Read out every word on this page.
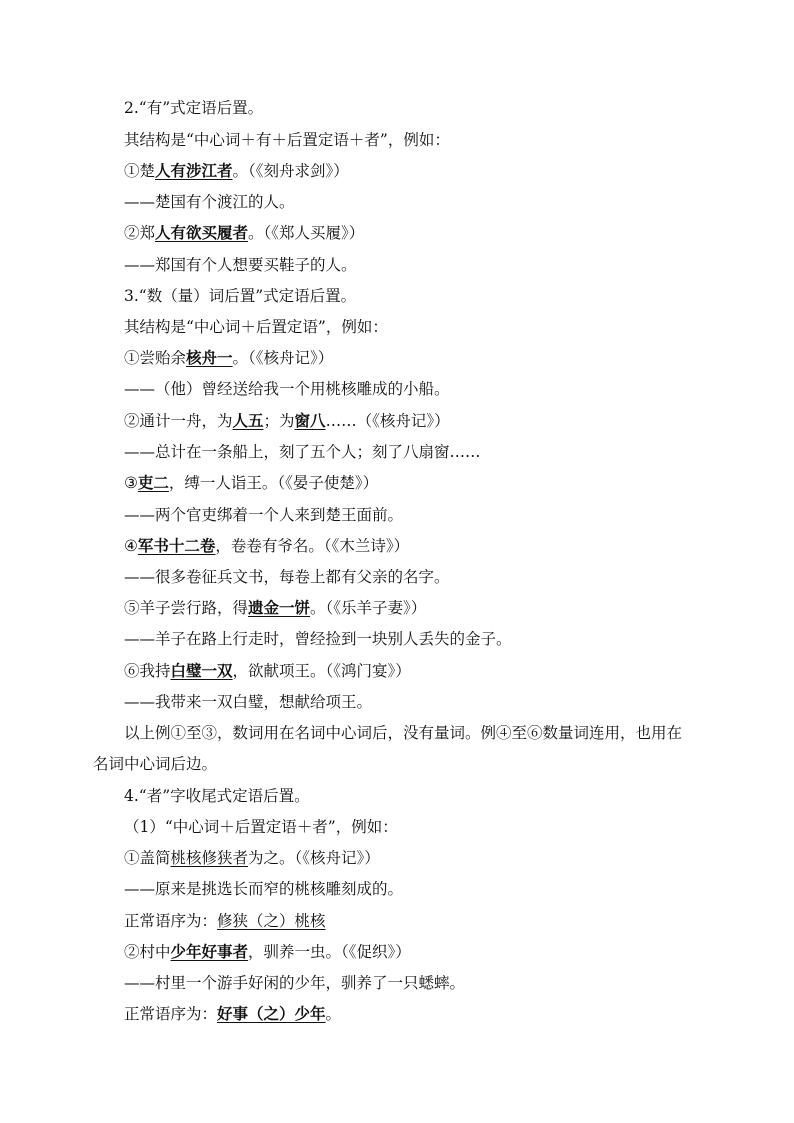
2.“有”式定语后置。
其结构是“中心词＋有＋后置定语＋者”，例如：
①楚人有涉江者。（《刻舟求剑》）
——楚国有个渡江的人。
②郑人有欲买履者。（《郑人买履》）
——郑国有个人想要买鞋子的人。
3.“数（量）词后置”式定语后置。
其结构是“中心词＋后置定语”，例如：
①尝贻余核舟一。（《核舟记》）
——（他）曾经送给我一个用桃核雕成的小船。
②通计一舟，为人五；为窗八……（《核舟记》）
——总计在一条船上，刻了五个人；刻了八扇窗……
③吏二，缚一人诣王。（《晏子使楚》）
——两个官吏绑着一个人来到楚王面前。
④军书十二卷，卷卷有爷名。（《木兰诗》）
——很多卷征兵文书，每卷上都有父亲的名字。
⑤羊子尝行路，得遗金一饼。（《乐羊子妻》）
——羊子在路上行走时，曾经捡到一块别人丢失的金子。
⑥我持白璧一双，欲献项王。（《鸿门宴》）
——我带来一双白璧，想献给项王。
以上例①至③，数词用在名词中心词后，没有量词。例④至⑥数量词连用，也用在
名词中心词后边。
4.“者”字收尾式定语后置。
（1）“中心词＋后置定语＋者”，例如：
①盖简桃核修狭者为之。（《核舟记》）
——原来是挑选长而窄的桃核雕刻成的。
正常语序为：修狭（之）桃核
②村中少年好事者，驯养一虫。（《促织》）
——村里一个游手好闲的少年，驯养了一只蟋蟀。
正常语序为：好事（之）少年。
